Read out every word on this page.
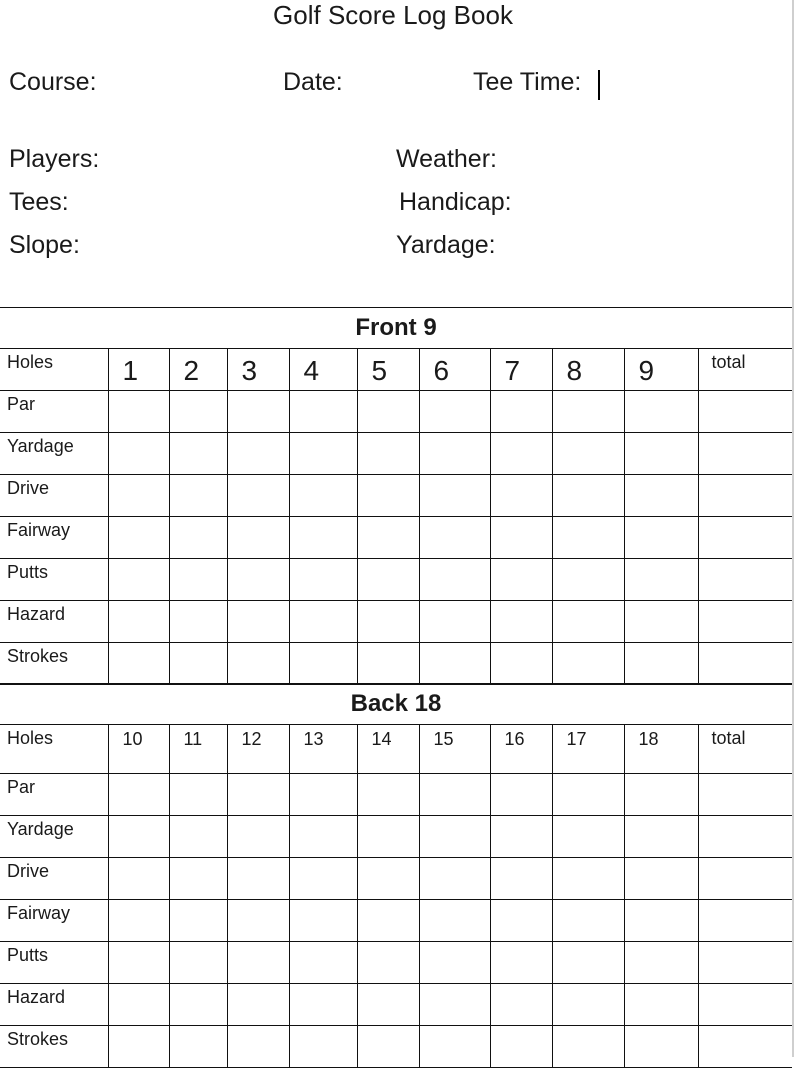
Golf Score Log Book
Course:	Date:	Tee Time:
Players:	Weather:
Tees:	Handicap:
Slope:	Yardage:
Front 9										
Holes	1	2	3	4	5	6	7	8	9	total
Par										
Yardage										
Drive										
Fairway										
Putts										
Hazard										
Strokes										
Back 18										
Holes	10	11	12	13	14	15	16	17	18	total
Par										
Yardage										
Drive										
Fairway										
Putts										
Hazard										
Strokes										
